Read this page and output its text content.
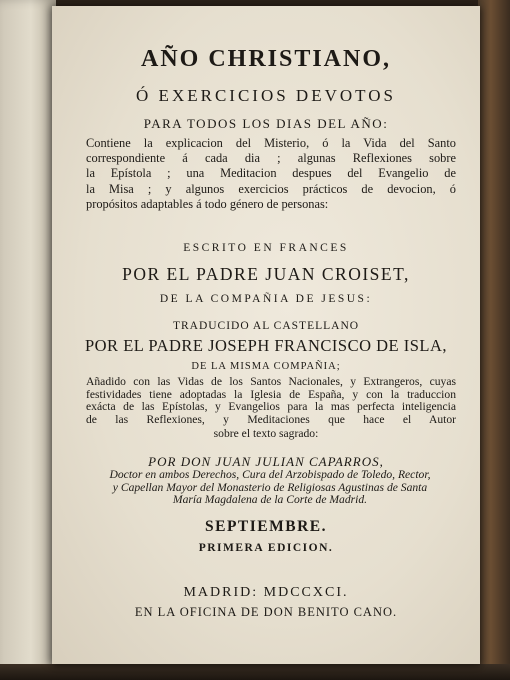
AÑO CHRISTIANO,
Ó EXERCICIOS DEVOTOS
PARA TODOS LOS DIAS DEL AÑO:
Contiene la explicacion del Misterio, ó la Vida del Santo
correspondiente á cada dia ; algunas Reflexiones sobre
la Epístola ; una Meditacion despues del Evangelio de
la Misa ; y algunos exercicios prácticos de devocion, ó
propósitos adaptables á todo género de personas:
ESCRITO EN FRANCES
POR EL PADRE JUAN CROISET,
DE LA COMPAÑIA DE JESUS:
TRADUCIDO AL CASTELLANO
POR EL PADRE JOSEPH FRANCISCO DE ISLA,
DE LA MISMA COMPAÑIA;
Añadido con las Vidas de los Santos Nacionales, y Extrangeros, cuyas
festividades tiene adoptadas la Iglesia de España, y con la traduccion
exácta de las Epístolas, y Evangelios para la mas perfecta inteligencia
de las Reflexiones, y Meditaciones que hace el Autor
sobre el texto sagrado:
POR DON JUAN JULIAN CAPARROS,
Doctor en ambos Derechos, Cura del Arzobispado de Toledo, Rector,
y Capellan Mayor del Monasterio de Religiosas Agustinas de Santa
María Magdalena de la Corte de Madrid.
SEPTIEMBRE.
PRIMERA EDICION.
MADRID: MDCCXCI.
EN LA OFICINA DE DON BENITO CANO.
